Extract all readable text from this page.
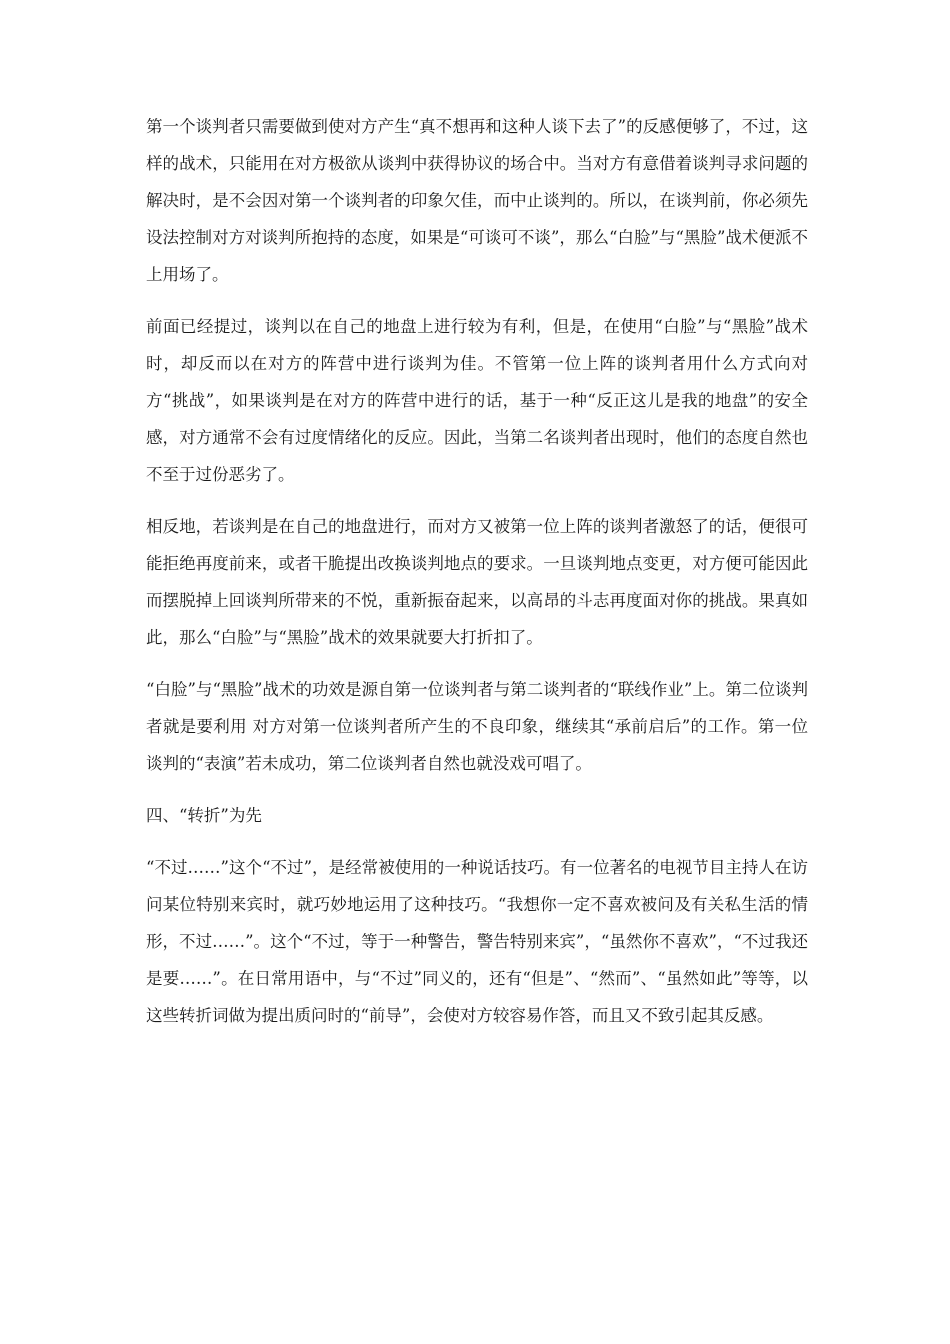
第一个谈判者只需要做到使对方产生“真不想再和这种人谈下去了”的反感便够了，不过，这样的战术，只能用在对方极欲从谈判中获得协议的场合中。当对方有意借着谈判寻求问题的解决时，是不会因对第一个谈判者的印象欠佳，而中止谈判的。所以，在谈判前，你必须先设法控制对方对谈判所抱持的态度，如果是“可谈可不谈”，那么“白脸”与“黑脸”战术便派不上用场了。

前面已经提过，谈判以在自己的地盘上进行较为有利，但是，在使用“白脸”与“黑脸”战术时，却反而以在对方的阵营中进行谈判为佳。不管第一位上阵的谈判者用什么方式向对方“挑战”，如果谈判是在对方的阵营中进行的话，基于一种“反正这儿是我的地盘”的安全感，对方通常不会有过度情绪化的反应。因此，当第二名谈判者出现时，他们的态度自然也不至于过份恶劣了。

相反地，若谈判是在自己的地盘进行，而对方又被第一位上阵的谈判者激怒了的话，便很可能拒绝再度前来，或者干脆提出改换谈判地点的要求。一旦谈判地点变更，对方便可能因此而摆脱掉上回谈判所带来的不悦，重新振奋起来，以高昂的斗志再度面对你的挑战。果真如此，那么“白脸”与“黑脸”战术的效果就要大打折扣了。

“白脸”与“黑脸”战术的功效是源自第一位谈判者与第二谈判者的“联线作业”上。第二位谈判者就是要利用 对方对第一位谈判者所产生的不良印象，继续其“承前启后”的工作。第一位谈判的“表演”若未成功，第二位谈判者自然也就没戏可唱了。

四、“转折”为先

“不过……”这个“不过”，是经常被使用的一种说话技巧。有一位著名的电视节目主持人在访问某位特别来宾时，就巧妙地运用了这种技巧。“我想你一定不喜欢被问及有关私生活的情形，不过……”。这个“不过，等于一种警告，警告特别来宾”，“虽然你不喜欢”，“不过我还是要……”。在日常用语中，与“不过”同义的，还有“但是”、“然而”、“虽然如此”等等，以这些转折词做为提出质问时的“前导”，会使对方较容易作答，而且又不致引起其反感。
